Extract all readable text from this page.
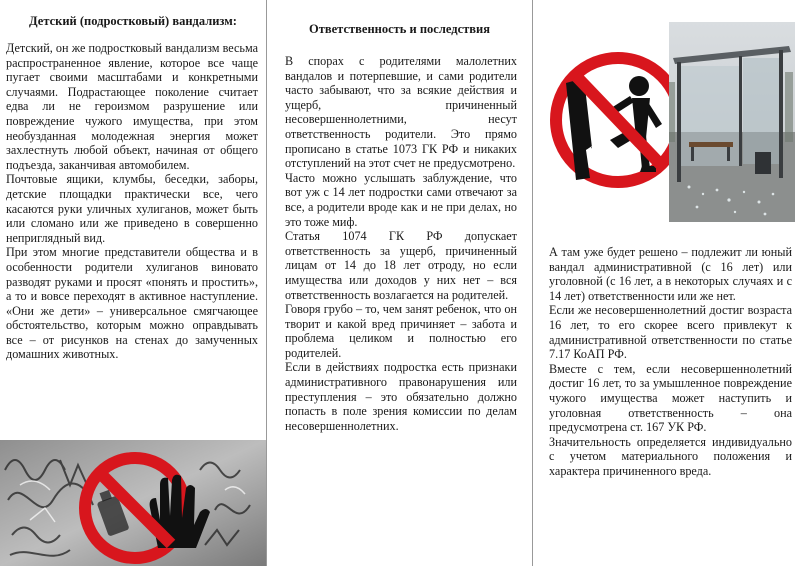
Детский (подростковый) вандализм:

Детский, он же подростковый вандализм весьма распространенное явление, которое все чаще пугает своими масштабами и конкретными случаями. Подрастающее поколение считает едва ли не героизмом разрушение или повреждение чужого имущества, при этом необузданная молодежная энергия может захлестнуть любой объект, начиная от общего подъезда, заканчивая автомобилем.

Почтовые ящики, клумбы, беседки, заборы, детские площадки практически все, чего касаются руки уличных хулиганов, может быть или сломано или же приведено в совершенно неприглядный вид.

При этом многие представители общества и в особенности родители хулиганов виновато разводят руками и просят «понять и простить», а то и вовсе переходят в активное наступление. «Они же дети» – универсальное смягчающее обстоятельство, которым можно оправдывать все – от рисунков на стенах до замученных домашних животных.

Ответственность и последствия

В спорах с родителями малолетних вандалов и потерпевшие, и сами родители часто забывают, что за всякие действия и ущерб, причиненный несовершеннолетними, несут ответственность родители. Это прямо прописано в статье 1073 ГК РФ и никаких отступлений на этот счет не предусмотрено.

Часто можно услышать заблуждение, что вот уж с 14 лет подростки сами отвечают за все, а родители вроде как и не при делах, но это тоже миф.

Статья 1074 ГК РФ допускает ответственность за ущерб, причиненный лицам от 14 до 18 лет отроду, но если имущества или доходов у них нет – вся ответственность возлагается на родителей.

Говоря грубо – то, чем занят ребенок, что он творит и какой вред причиняет – забота и проблема целиком и полностью его родителей.

Если в действиях подростка есть признаки административного правонарушения или преступления – это обязательно должно попасть в поле зрения комиссии по делам несовершеннолетних.

А там уже будет решено – подлежит ли юный вандал административной (с 16 лет) или уголовной (с 16 лет, а в некоторых случаях и с 14 лет) ответственности или же нет.

Если же несовершеннолетний достиг возраста 16 лет, то его скорее всего привлекут к административной ответственности по статье 7.17 КоАП РФ.

Вместе с тем, если несовершеннолетний достиг 16 лет, то за умышленное повреждение чужого имущества может наступить и уголовная ответственность – она предусмотрена ст. 167 УК РФ.

Значительность определяется индивидуально с учетом материального положения и характера причиненного вреда.
